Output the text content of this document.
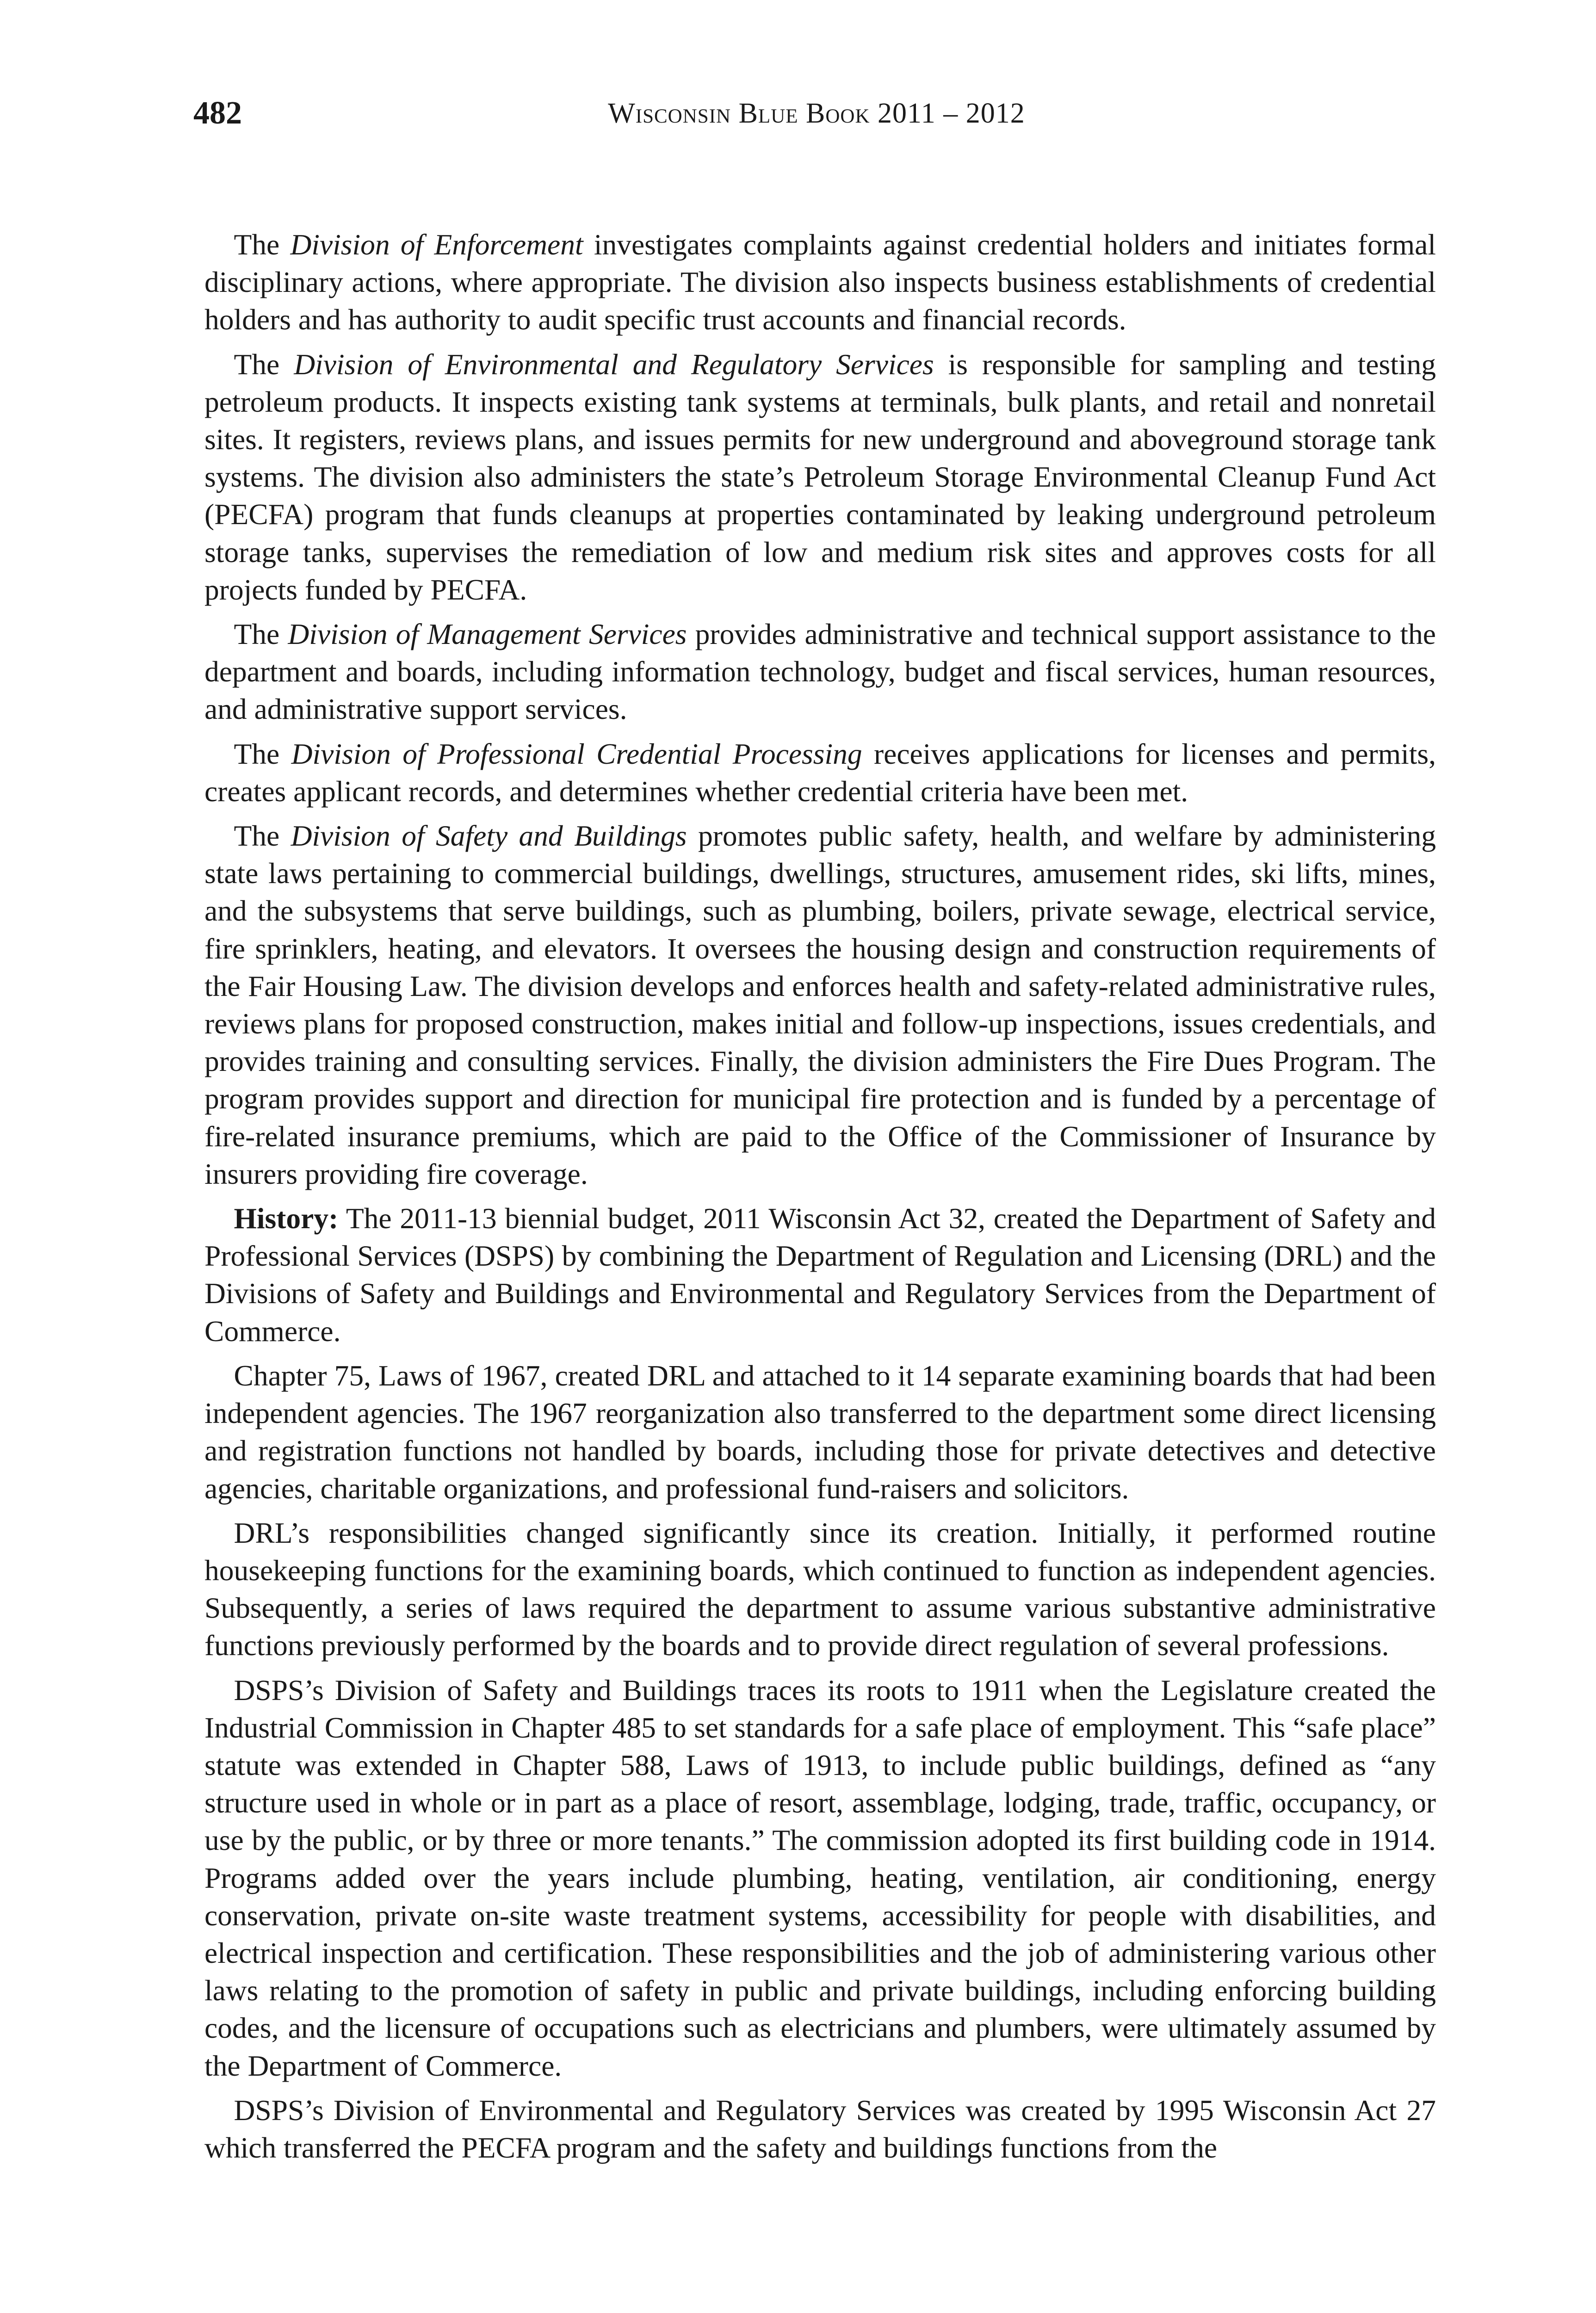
482	Wisconsin Blue Book 2011 – 2012

 The Division of Enforcement investigates complaints against credential holders and initiates formal disciplinary actions, where appropriate. The division also inspects business establishments of credential holders and has authority to audit specific trust accounts and financial records.

 The Division of Environmental and Regulatory Services is responsible for sampling and testing petroleum products. It inspects existing tank systems at terminals, bulk plants, and retail and nonretail sites. It registers, reviews plans, and issues permits for new underground and aboveground storage tank systems. The division also administers the state’s Petroleum Storage Environmental Cleanup Fund Act (PECFA) program that funds cleanups at properties contaminated by leaking underground petroleum storage tanks, supervises the remediation of low and medium risk sites and approves costs for all projects funded by PECFA.

 The Division of Management Services provides administrative and technical support assistance to the department and boards, including information technology, budget and fiscal services, human resources, and administrative support services.

 The Division of Professional Credential Processing receives applications for licenses and permits, creates applicant records, and determines whether credential criteria have been met.

 The Division of Safety and Buildings promotes public safety, health, and welfare by administering state laws pertaining to commercial buildings, dwellings, structures, amusement rides, ski lifts, mines, and the subsystems that serve buildings, such as plumbing, boilers, private sewage, electrical service, fire sprinklers, heating, and elevators. It oversees the housing design and construction requirements of the Fair Housing Law. The division develops and enforces health and safety-related administrative rules, reviews plans for proposed construction, makes initial and follow-up inspections, issues credentials, and provides training and consulting services. Finally, the division administers the Fire Dues Program. The program provides support and direction for municipal fire protection and is funded by a percentage of fire-related insurance premiums, which are paid to the Office of the Commissioner of Insurance by insurers providing fire coverage.

 History: The 2011-13 biennial budget, 2011 Wisconsin Act 32, created the Department of Safety and Professional Services (DSPS) by combining the Department of Regulation and Licensing (DRL) and the Divisions of Safety and Buildings and Environmental and Regulatory Services from the Department of Commerce.

 Chapter 75, Laws of 1967, created DRL and attached to it 14 separate examining boards that had been independent agencies. The 1967 reorganization also transferred to the department some direct licensing and registration functions not handled by boards, including those for private detectives and detective agencies, charitable organizations, and professional fund-raisers and solicitors.

 DRL’s responsibilities changed significantly since its creation. Initially, it performed routine housekeeping functions for the examining boards, which continued to function as independent agencies. Subsequently, a series of laws required the department to assume various substantive administrative functions previously performed by the boards and to provide direct regulation of several professions.

 DSPS’s Division of Safety and Buildings traces its roots to 1911 when the Legislature created the Industrial Commission in Chapter 485 to set standards for a safe place of employment. This “safe place” statute was extended in Chapter 588, Laws of 1913, to include public buildings, defined as “any structure used in whole or in part as a place of resort, assemblage, lodging, trade, traffic, occupancy, or use by the public, or by three or more tenants.” The commission adopted its first building code in 1914. Programs added over the years include plumbing, heating, ventilation, air conditioning, energy conservation, private on-site waste treatment systems, accessibility for people with disabilities, and electrical inspection and certification. These responsibilities and the job of administering various other laws relating to the promotion of safety in public and private buildings, including enforcing building codes, and the licensure of occupations such as electricians and plumbers, were ultimately assumed by the Department of Commerce.

 DSPS’s Division of Environmental and Regulatory Services was created by 1995 Wisconsin Act 27 which transferred the PECFA program and the safety and buildings functions from the
